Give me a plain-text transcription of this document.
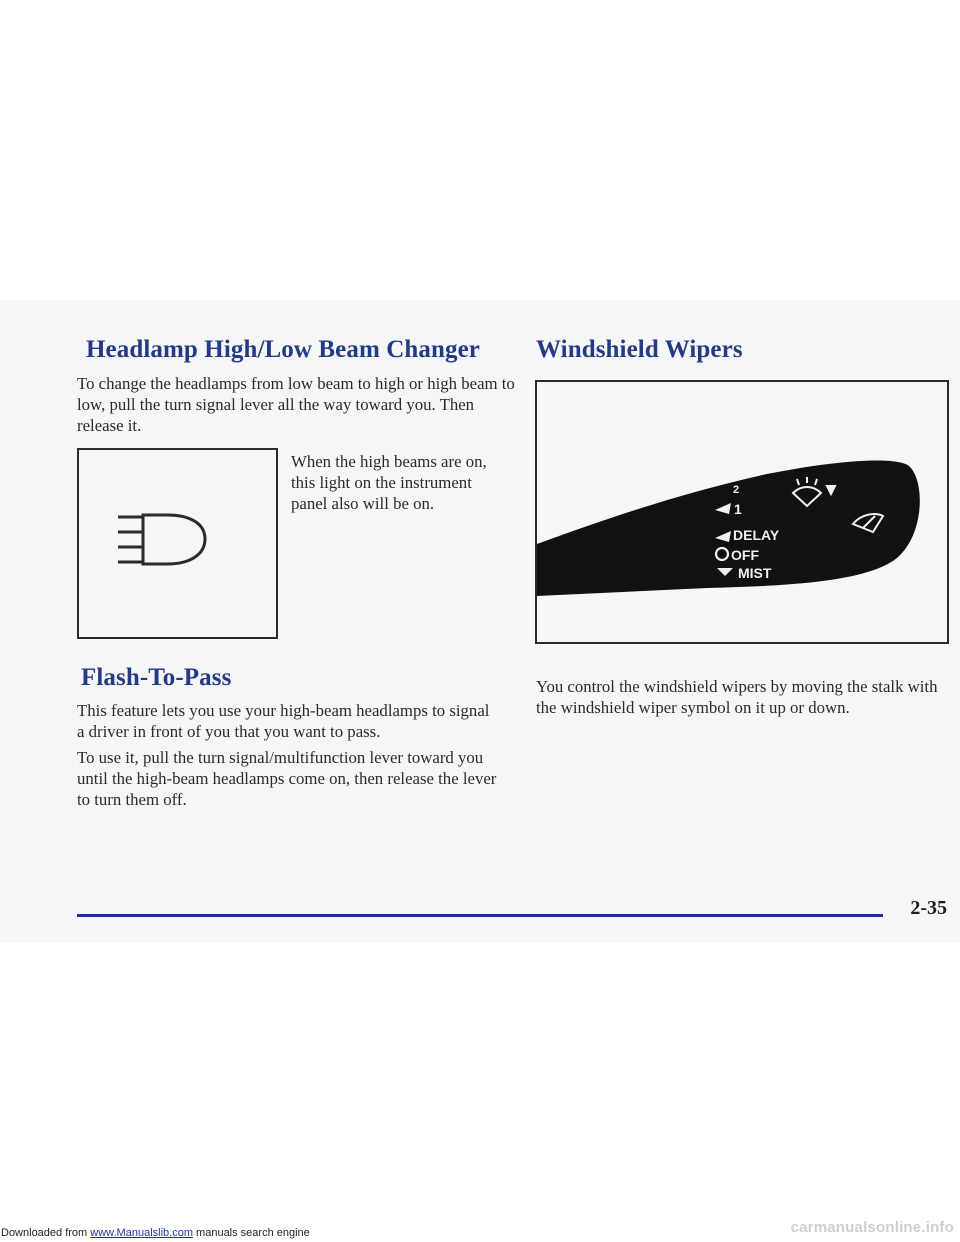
Headlamp High/Low Beam Changer

To change the headlamps from low beam to high or high beam to low, pull the turn signal lever all the way toward you. Then release it.

When the high beams are on, this light on the instrument panel also will be on.

Flash-To-Pass

This feature lets you use your high-beam headlamps to signal a driver in front of you that you want to pass.

To use it, pull the turn signal/multifunction lever toward you until the high-beam headlamps come on, then release the lever to turn them off.

Windshield Wipers
2
1
DELAY
OFF
MIST

You control the windshield wipers by moving the stalk with the windshield wiper symbol on it up or down.

2-35
Downloaded from www.Manualslib.com manuals search engine	carmanualsonline.info
